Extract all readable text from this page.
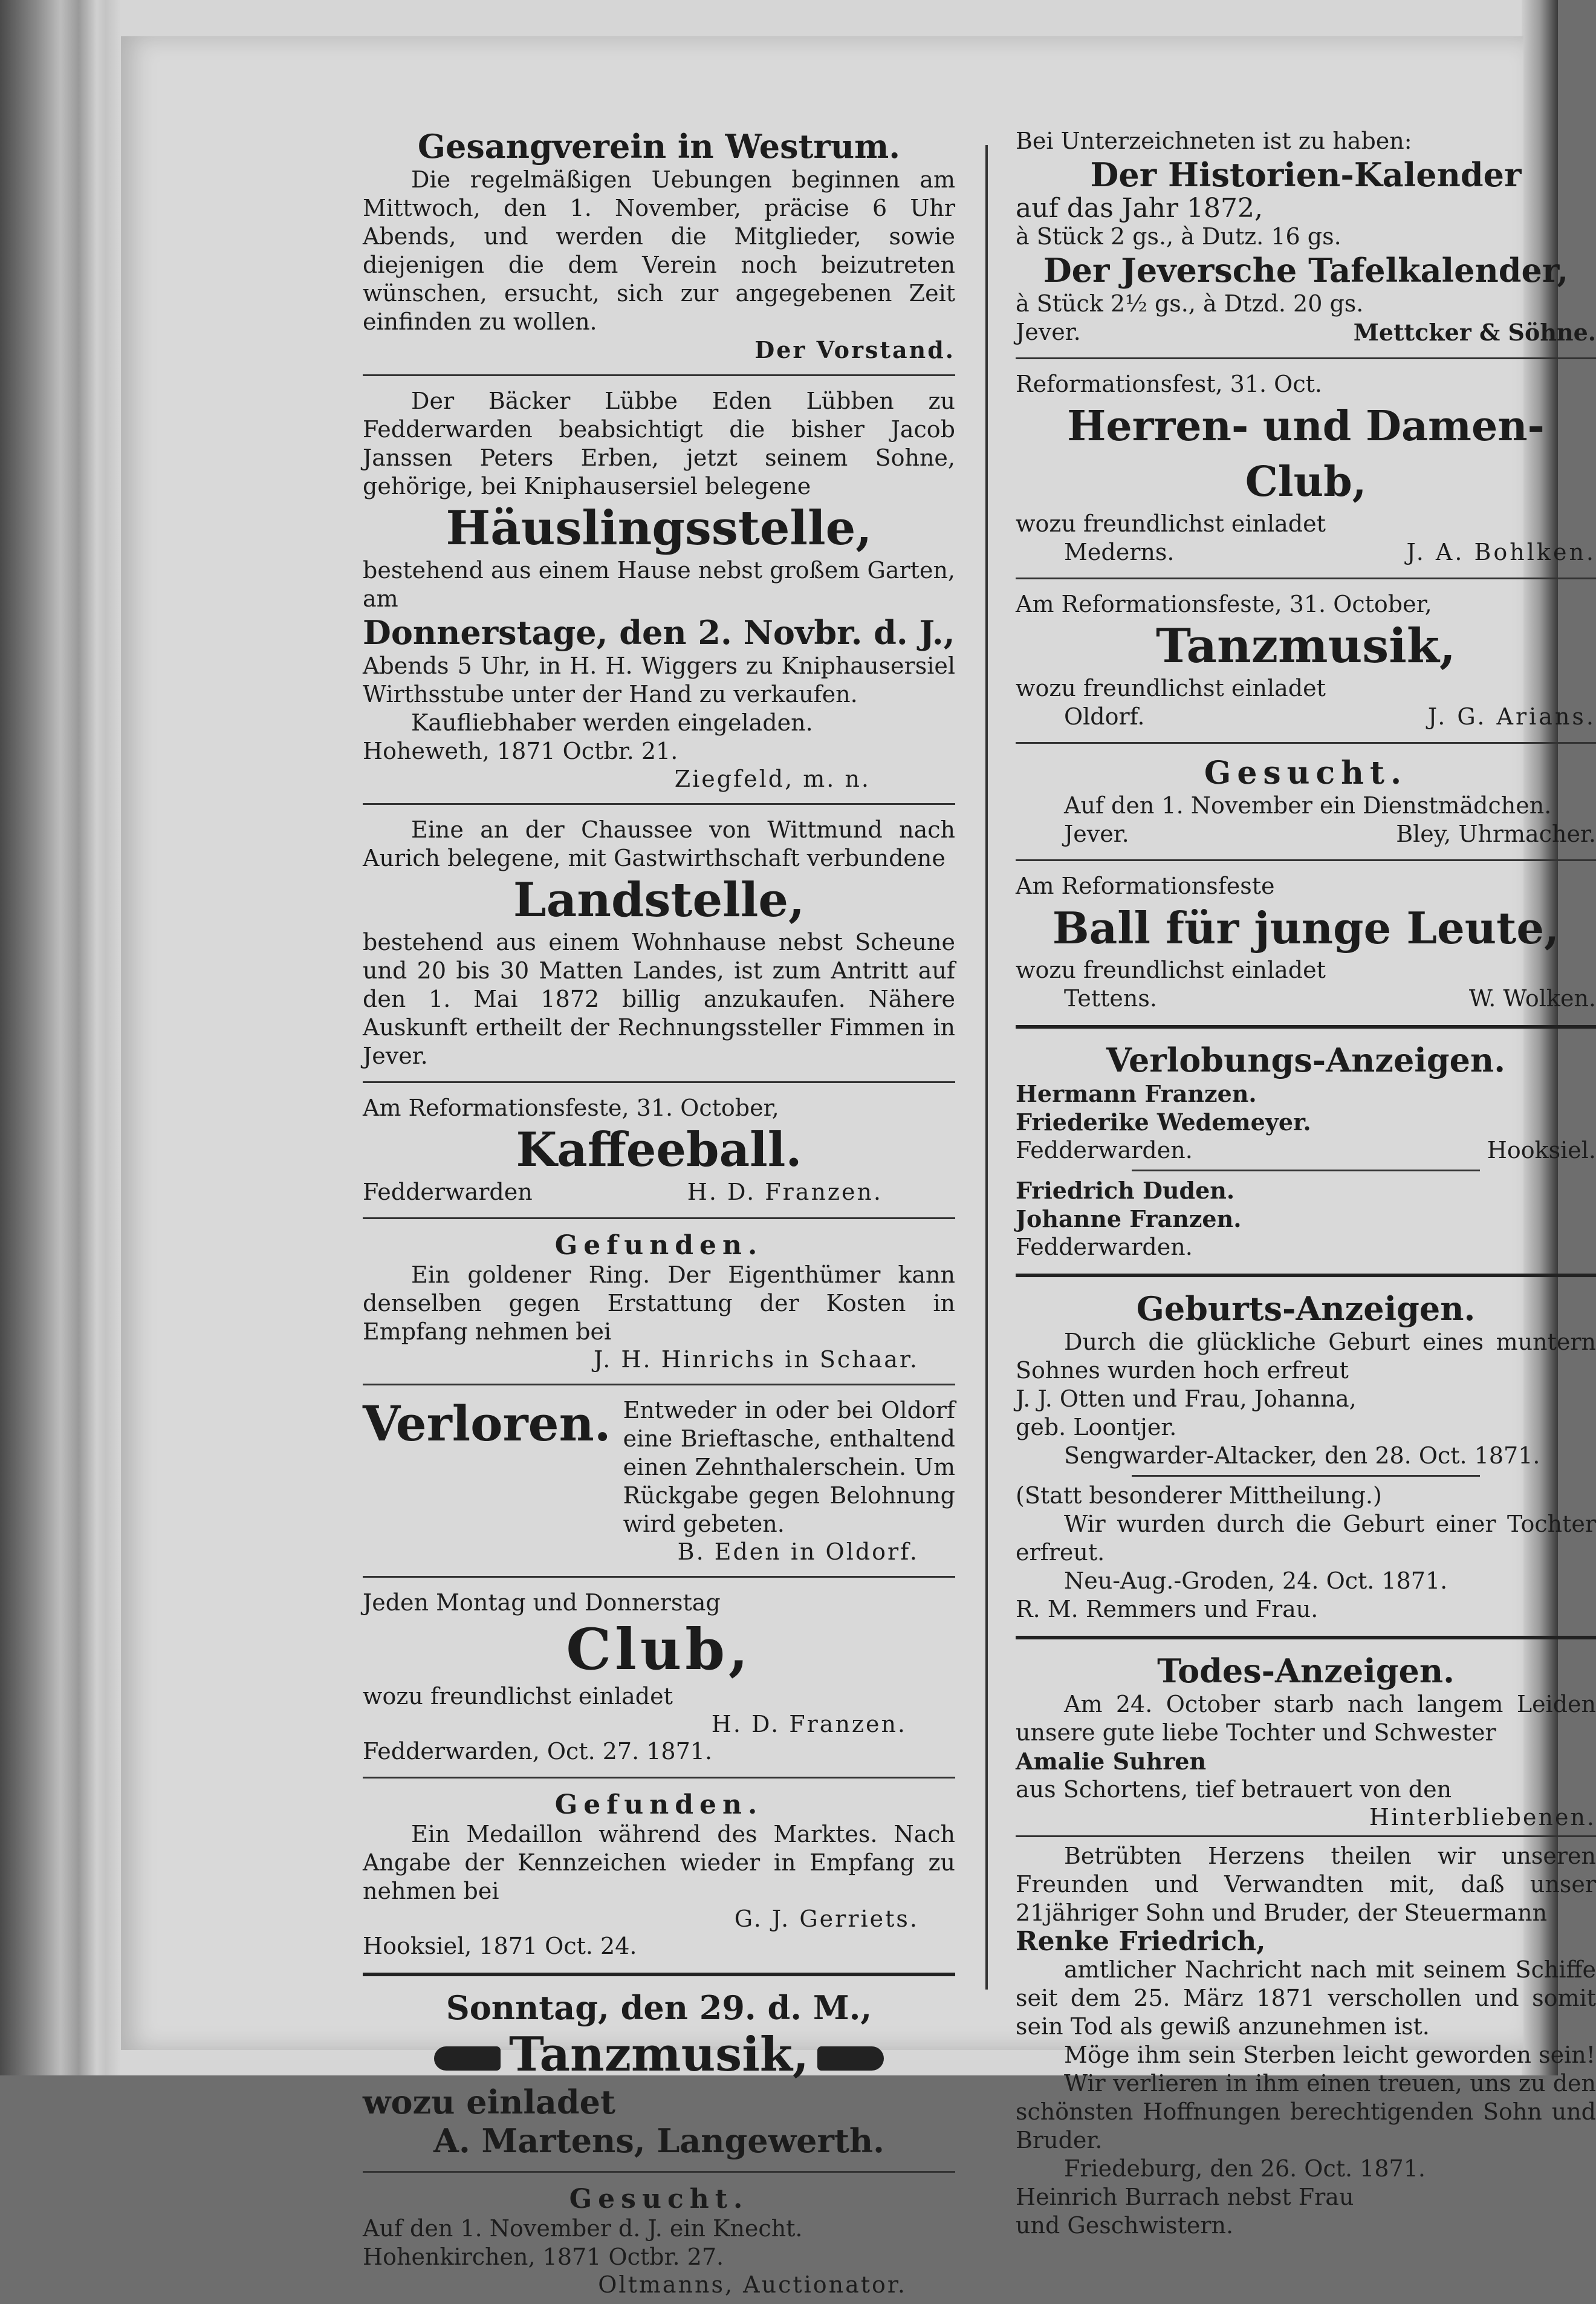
Gesangverein in Westrum.
Die regelmäßigen Uebungen beginnen am Mittwoch, den 1. November, präcise 6 Uhr Abends, und werden die Mitglieder, sowie diejenigen die dem Verein noch beizutreten wünschen, ersucht, sich zur angegebenen Zeit einfinden zu wollen.
Der Vorstand.
Der Bäcker Lübbe Eden Lübben zu Fedderwarden beabsichtigt die bisher Jacob Janssen Peters Erben, jetzt seinem Sohne, gehörige, bei Kniphausersiel belegene
Häuslingsstelle,
bestehend aus einem Hause nebst großem Garten, am
Donnerstage, den 2. Novbr. d. J.,
Abends 5 Uhr, in H. H. Wiggers zu Kniphausersiel Wirthsstube unter der Hand zu verkaufen.
Kaufliebhaber werden eingeladen.
Hoheweth, 1871 Octbr. 21.
Ziegfeld, m. n.
Eine an der Chaussee von Wittmund nach Aurich belegene, mit Gastwirthschaft verbundene
Landstelle,
bestehend aus einem Wohnhause nebst Scheune und 20 bis 30 Matten Landes, ist zum Antritt auf den 1. Mai 1872 billig anzukaufen. Nähere Auskunft ertheilt der Rechnungssteller Fimmen in Jever.
Am Reformationsfeste, 31. October,
Kaffeeball.
Fedderwarden	H. D. Franzen.
Gefunden.
Ein goldener Ring. Der Eigenthümer kann denselben gegen Erstattung der Kosten in Empfang nehmen bei
J. H. Hinrichs in Schaar.
Verloren. Entweder in oder bei Oldorf eine Brieftasche, enthaltend einen Zehnthalerschein. Um Rückgabe gegen Belohnung wird gebeten.
B. Eden in Oldorf.
Jeden Montag und Donnerstag
Club,
wozu freundlichst einladet
H. D. Franzen.
Fedderwarden, Oct. 27. 1871.
Gefunden.
Ein Medaillon während des Marktes. Nach Angabe der Kennzeichen wieder in Empfang zu nehmen bei
G. J. Gerriets.
Hooksiel, 1871 Oct. 24.
Sonntag, den 29. d. M.,
Tanzmusik,
wozu einladet
A. Martens, Langewerth.
Gesucht.
Auf den 1. November d. J. ein Knecht.
Hohenkirchen, 1871 Octbr. 27.
Oltmanns, Auctionator.
Bei Unterzeichneten ist zu haben:
Der Historien-Kalender
auf das Jahr 1872,
à Stück 2 gs., à Dutz. 16 gs.
Der Jeversche Tafelkalender,
à Stück 2½ gs., à Dtzd. 20 gs.
Jever.	Mettcker & Söhne.
Reformationsfest, 31. Oct.
Herren- und Damen-Club,
wozu freundlichst einladet
Mederns.	J. A. Bohlken.
Am Reformationsfeste, 31. October,
Tanzmusik,
wozu freundlichst einladet
Oldorf.	J. G. Arians.
Gesucht.
Auf den 1. November ein Dienstmädchen.
Jever.	Bley, Uhrmacher.
Am Reformationsfeste
Ball für junge Leute,
wozu freundlichst einladet
Tettens.	W. Wolken.
Verlobungs-Anzeigen.
Hermann Franzen.
Friederike Wedemeyer.
Fedderwarden.	Hooksiel.
Friedrich Duden.
Johanne Franzen.
Fedderwarden.
Geburts-Anzeigen.
Durch die glückliche Geburt eines muntern Sohnes wurden hoch erfreut
J. J. Otten und Frau, Johanna,
geb. Loontjer.
Sengwarder-Altacker, den 28. Oct. 1871.
(Statt besonderer Mittheilung.)
Wir wurden durch die Geburt einer Tochter erfreut.
Neu-Aug.-Groden, 24. Oct. 1871.
R. M. Remmers und Frau.
Todes-Anzeigen.
Am 24. October starb nach langem Leiden unsere gute liebe Tochter und Schwester
Amalie Suhren
aus Schortens, tief betrauert von den
Hinterbliebenen.
Betrübten Herzens theilen wir unseren Freunden und Verwandten mit, daß unser 21jähriger Sohn und Bruder, der Steuermann
Renke Friedrich,
amtlicher Nachricht nach mit seinem Schiffe seit dem 25. März 1871 verschollen und somit sein Tod als gewiß anzunehmen ist.
Möge ihm sein Sterben leicht geworden sein!
Wir verlieren in ihm einen treuen, uns zu den schönsten Hoffnungen berechtigenden Sohn und Bruder.
Friedeburg, den 26. Oct. 1871.
Heinrich Burrach nebst Frau
und Geschwistern.
